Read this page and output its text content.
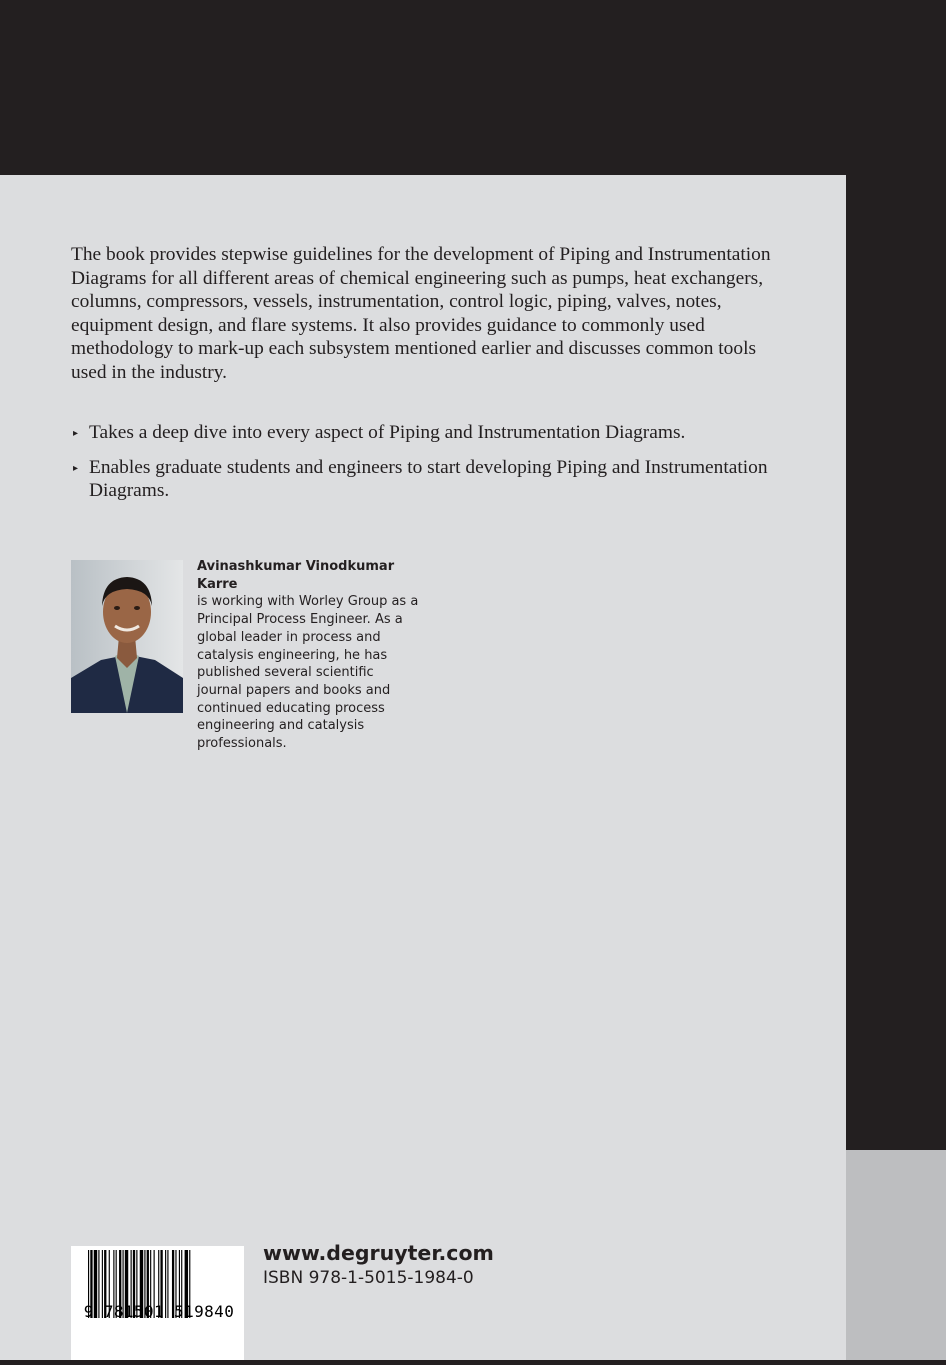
The book provides stepwise guidelines for the development of Piping and Instrumentation Diagrams for all different areas of chemical engineering such as pumps, heat exchangers, columns, compressors, vessels, instrumentation, control logic, piping, valves, notes, equipment design, and flare systems. It also provides guidance to commonly used methodology to mark-up each subsystem mentioned earlier and discusses common tools used in the industry.

▸ Takes a deep dive into every aspect of Piping and Instrumentation Diagrams.
▸ Enables graduate students and engineers to start developing Piping and Instrumentation Diagrams.
Avinashkumar Vinodkumar Karre
is working with Worley Group as a Principal Process Engineer. As a global leader in process and catalysis engineering, he has published several scientific journal papers and books and continued educating process engineering and catalysis professionals.
9 781501 519840
www.degruyter.com
ISBN 978-1-5015-1984-0
